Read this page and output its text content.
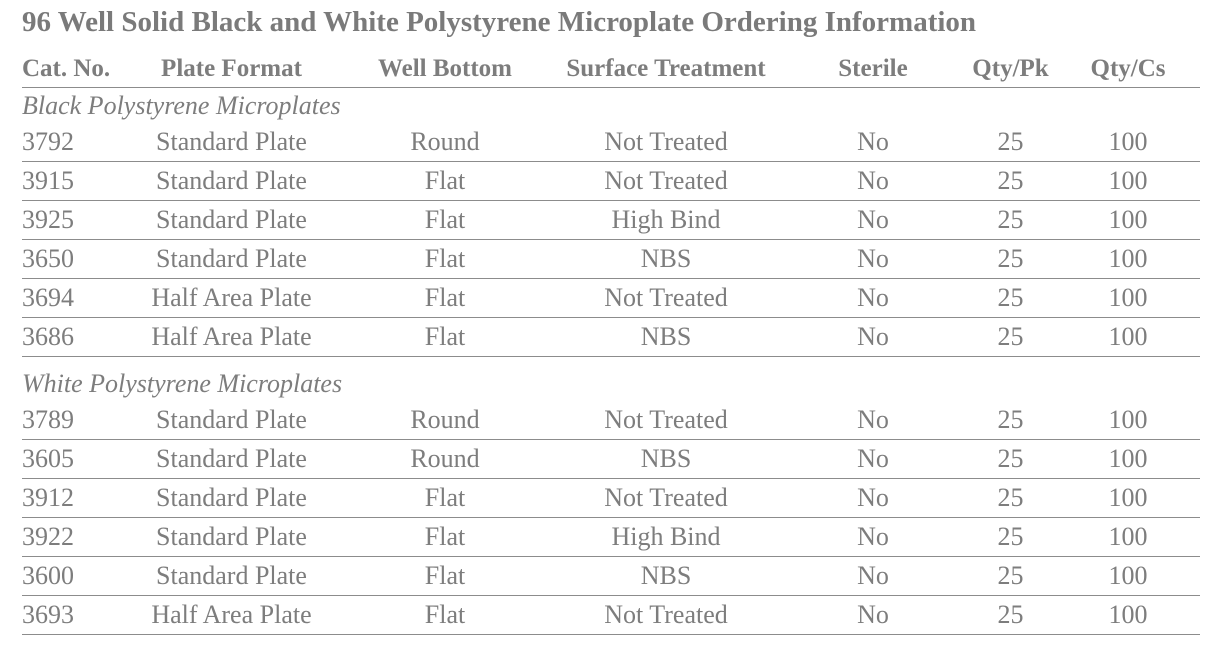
96 Well Solid Black and White Polystyrene Microplate Ordering Information
Cat. No.	Plate Format	Well Bottom	Surface Treatment	Sterile	Qty/Pk	Qty/Cs
Black Polystyrene Microplates						
3792	Standard Plate	Round	Not Treated	No	25	100
3915	Standard Plate	Flat	Not Treated	No	25	100
3925	Standard Plate	Flat	High Bind	No	25	100
3650	Standard Plate	Flat	NBS	No	25	100
3694	Half Area Plate	Flat	Not Treated	No	25	100
3686	Half Area Plate	Flat	NBS	No	25	100
White Polystyrene Microplates						
3789	Standard Plate	Round	Not Treated	No	25	100
3605	Standard Plate	Round	NBS	No	25	100
3912	Standard Plate	Flat	Not Treated	No	25	100
3922	Standard Plate	Flat	High Bind	No	25	100
3600	Standard Plate	Flat	NBS	No	25	100
3693	Half Area Plate	Flat	Not Treated	No	25	100
